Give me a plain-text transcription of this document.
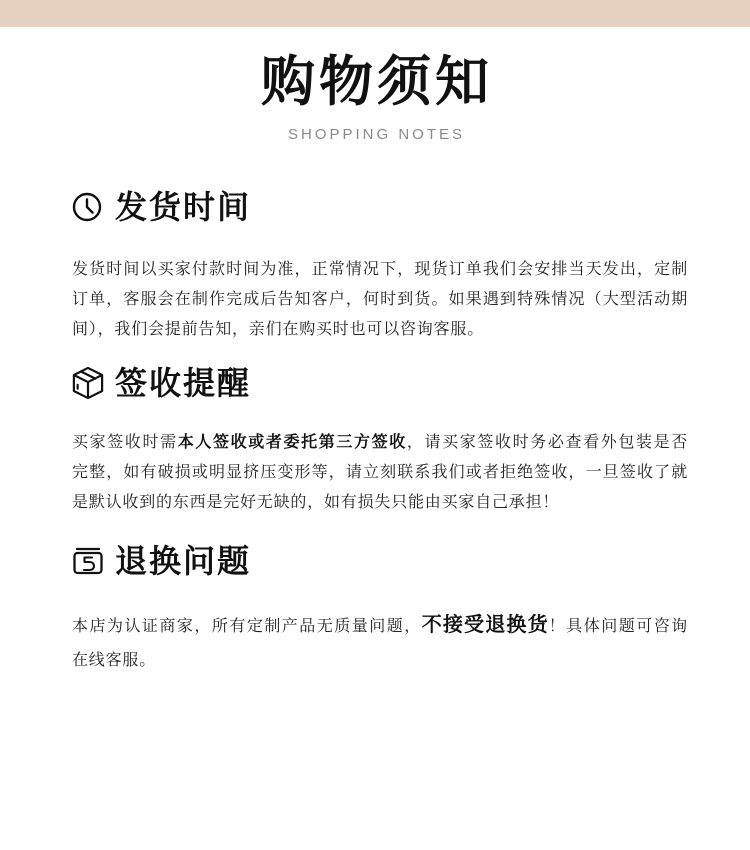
购物须知
SHOPPING NOTES
发货时间
发货时间以买家付款时间为准，正常情况下，现货订单我们会安排当天发出，定制
订单，客服会在制作完成后告知客户，何时到货。如果遇到特殊情况（大型活动期
间），我们会提前告知，亲们在购买时也可以咨询客服。
签收提醒
买家签收时需本人签收或者委托第三方签收，请买家签收时务必查看外包装是否
完整，如有破损或明显挤压变形等，请立刻联系我们或者拒绝签收，一旦签收了就
是默认收到的东西是完好无缺的，如有损失只能由买家自己承担！
退换问题
本店为认证商家，所有定制产品无质量问题，不接受退换货！具体问题可咨询
在线客服。
